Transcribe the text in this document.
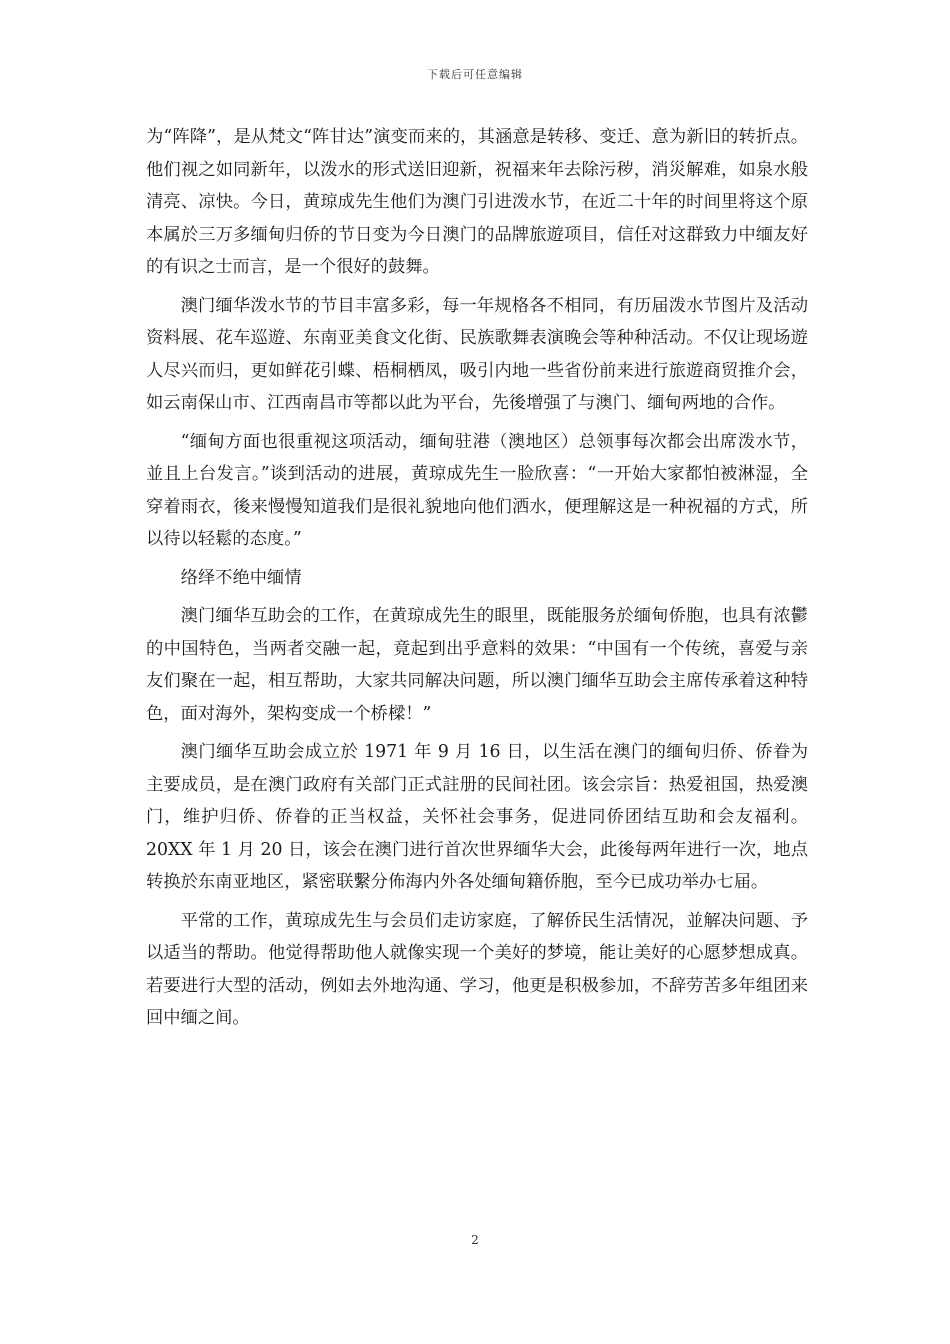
下载后可任意编辑

为“阵降”，是从梵文“阵甘达”演变而来的，其涵意是转移、变迁、意为新旧的转折点。他们视之如同新年，以泼水的形式送旧迎新，祝福来年去除污秽，消災解难，如泉水般清亮、凉快。今日，黄琼成先生他们为澳门引进泼水节，在近二十年的时间里将这个原本属於三万多缅甸归侨的节日变为今日澳门的品牌旅遊项目，信任对这群致力中缅友好的有识之士而言，是一个很好的鼓舞。

澳门缅华泼水节的节目丰富多彩，每一年规格各不相同，有历届泼水节图片及活动资料展、花车巡遊、东南亚美食文化街、民族歌舞表演晚会等种种活动。不仅让现场遊人尽兴而归，更如鲜花引蝶、梧桐栖凤，吸引内地一些省份前来进行旅遊商贸推介会，如云南保山市、江西南昌市等都以此为平台，先後增强了与澳门、缅甸两地的合作。

“缅甸方面也很重视这项活动，缅甸驻港（澳地区）总领事每次都会出席泼水节，並且上台发言。”谈到活动的进展，黄琼成先生一脸欣喜：“一开始大家都怕被淋湿，全穿着雨衣，後来慢慢知道我们是很礼貌地向他们洒水，便理解这是一种祝福的方式，所以待以轻鬆的态度。”

络绎不绝中缅情

澳门缅华互助会的工作，在黄琼成先生的眼里，既能服务於缅甸侨胞，也具有浓鬱的中国特色，当两者交融一起，竟起到出乎意料的效果：“中国有一个传统，喜爱与亲友们聚在一起，相互帮助，大家共同解决问题，所以澳门缅华互助会主席传承着这种特色，面对海外，架构变成一个桥樑！”

澳门缅华互助会成立於 1971 年 9 月 16 日，以生活在澳门的缅甸归侨、侨眷为主要成员，是在澳门政府有关部门正式註册的民间社团。该会宗旨：热爱祖国，热爱澳门，维护归侨、侨眷的正当权益，关怀社会事务，促进同侨团结互助和会友福利。20XX 年 1 月 20 日，该会在澳门进行首次世界缅华大会，此後每两年进行一次，地点转换於东南亚地区，紧密联繫分佈海内外各处缅甸籍侨胞，至今已成功举办七届。

平常的工作，黄琼成先生与会员们走访家庭，了解侨民生活情况，並解决问题、予以适当的帮助。他觉得帮助他人就像实现一个美好的梦境，能让美好的心愿梦想成真。若要进行大型的活动，例如去外地沟通、学习，他更是积极参加，不辞劳苦多年组团来回中缅之间。

2
